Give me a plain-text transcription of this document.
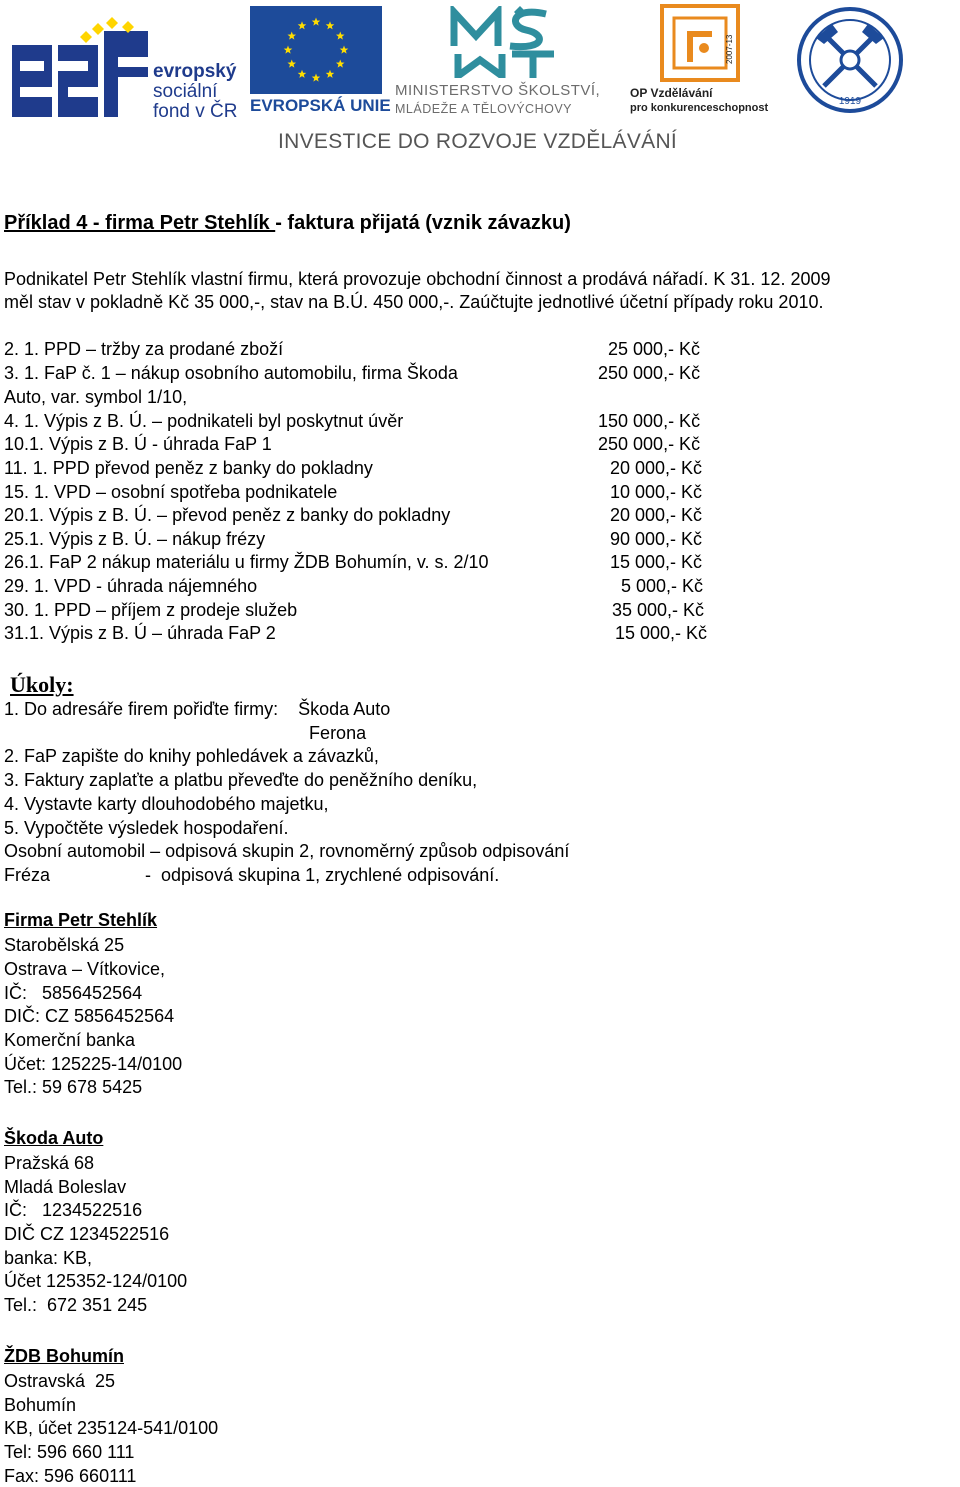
evropský
sociální
fond v ČR EVROPSKÁ UNIE
MINISTERSTVO ŠKOLSTVÍ,
MLÁDEŽE A TĚLOVÝCHOVY
2007-13
OP Vzdělávání
pro konkurenceschopnost
1919
INVESTICE DO ROZVOJE VZDĚLÁVÁNÍ
Příklad 4 - firma Petr Stehlík - faktura přijatá (vznik závazku)
Podnikatel Petr Stehlík vlastní firmu, která provozuje obchodní činnost a prodává nářadí. K 31. 12. 2009
měl stav v pokladně Kč 35 000,-, stav na B.Ú. 450 000,-. Zaúčtujte jednotlivé účetní případy roku 2010.
2. 1. PPD – tržby za prodané zboží	25 000,- Kč
3. 1. FaP č. 1 – nákup osobního automobilu, firma Škoda	250 000,- Kč
Auto, var. symbol 1/10,
4. 1. Výpis z B. Ú. – podnikateli byl poskytnut úvěr	150 000,- Kč
10.1. Výpis z B. Ú - úhrada FaP 1	250 000,- Kč
11. 1. PPD převod peněz z banky do pokladny	20 000,- Kč
15. 1. VPD – osobní spotřeba podnikatele	10 000,- Kč
20.1. Výpis z B. Ú. – převod peněz z banky do pokladny	20 000,- Kč
25.1. Výpis z B. Ú. – nákup frézy	90 000,- Kč
26.1. FaP 2 nákup materiálu u firmy ŽDB Bohumín, v. s. 2/10	15 000,- Kč
29. 1. VPD - úhrada nájemného	5 000,- Kč
30. 1. PPD – příjem z prodeje služeb	35 000,- Kč
31.1. Výpis z B. Ú – úhrada FaP 2	15 000,- Kč
Úkoly:
1. Do adresáře firem pořiďte firmy:    Škoda Auto
Ferona
2. FaP zapište do knihy pohledávek a závazků,
3. Faktury zaplaťte a platbu převeďte do peněžního deníku,
4. Vystavte karty dlouhodobého majetku,
5. Vypočtěte výsledek hospodaření.
Osobní automobil – odpisová skupin 2, rovnoměrný způsob odpisování
Fréza                   -  odpisová skupina 1, zrychlené odpisování.
Firma Petr Stehlík
Starobělská 25
Ostrava – Vítkovice,
IČ:   5856452564
DIČ: CZ 5856452564
Komerční banka
Účet: 125225-14/0100
Tel.: 59 678 5425
Škoda Auto
Pražská 68
Mladá Boleslav
IČ:   1234522516
DIČ CZ 1234522516
banka: KB,
Účet 125352-124/0100
Tel.:  672 351 245
ŽDB Bohumín
Ostravská  25
Bohumín
KB, účet 235124-541/0100
Tel: 596 660 111
Fax: 596 660111
